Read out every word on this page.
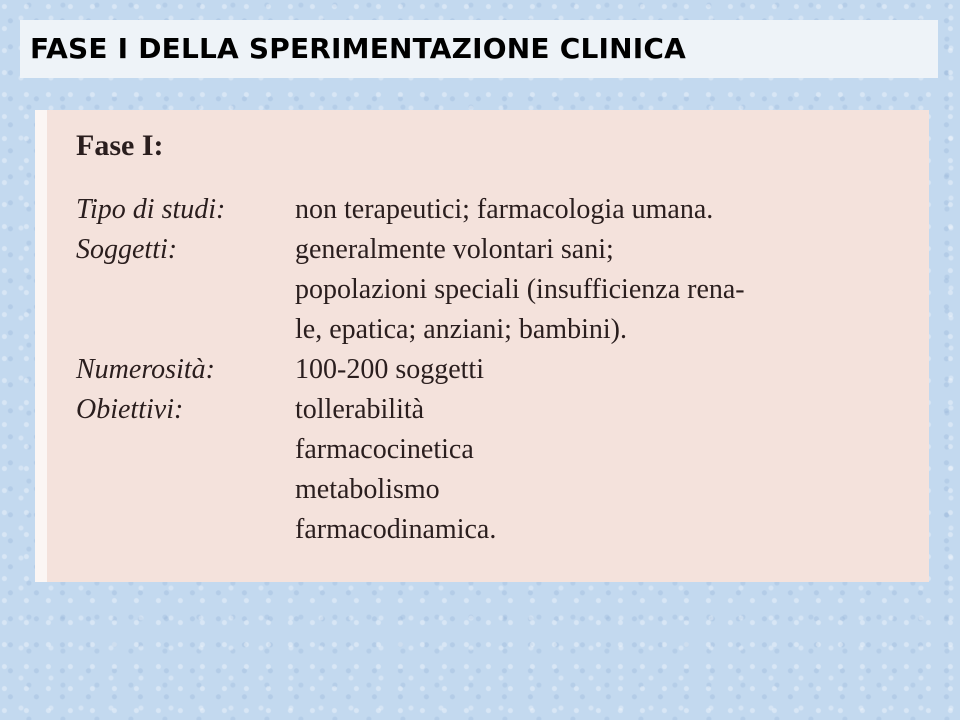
FASE I DELLA SPERIMENTAZIONE CLINICA
Fase I:
Tipo di studi: non terapeutici; farmacologia umana.
Soggetti:	generalmente volontari sani;
popolazioni speciali (insufficienza rena-
le, epatica; anziani; bambini).
Numerosità:	100-200 soggetti
Obiettivi:	tollerabilità
farmacocinetica
metabolismo
farmacodinamica.
